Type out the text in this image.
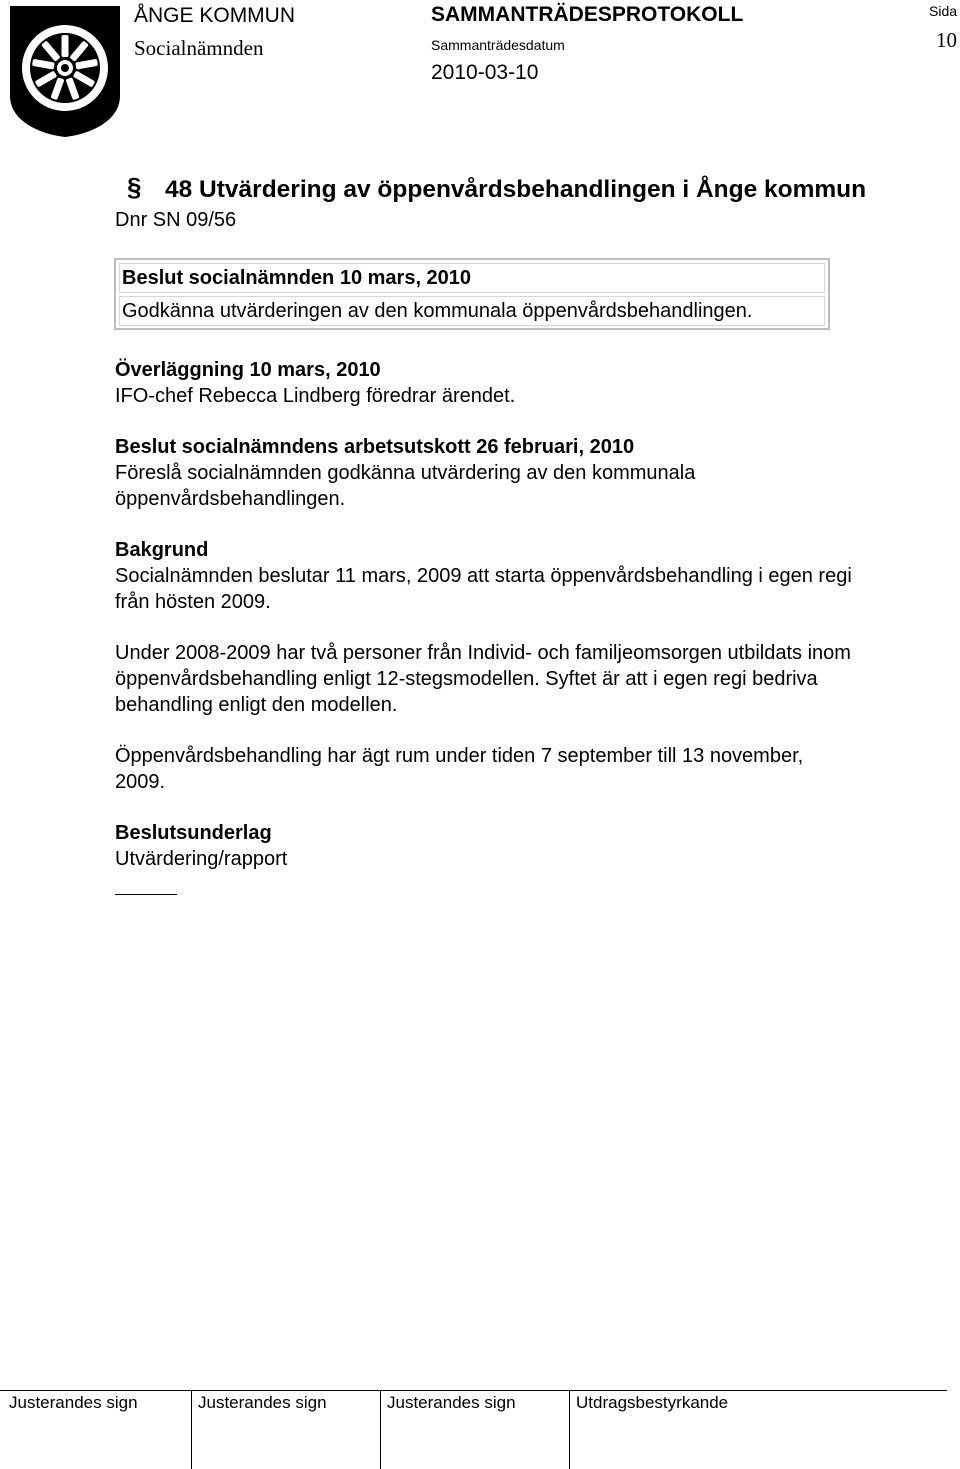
ÅNGE KOMMUN
Socialnämnden
SAMMANTRÄDESPROTOKOLL
Sammanträdesdatum
2010-03-10
Sida
10
§ 48 Utvärdering av öppenvårdsbehandlingen i Ånge kommun
Dnr SN 09/56
Beslut socialnämnden 10 mars, 2010
Godkänna utvärderingen av den kommunala öppenvårdsbehandlingen.
Överläggning 10 mars, 2010
IFO-chef Rebecca Lindberg föredrar ärendet.
Beslut socialnämndens arbetsutskott 26 februari, 2010
Föreslå socialnämnden godkänna utvärdering av den kommunala
öppenvårdsbehandlingen.
Bakgrund
Socialnämnden beslutar 11 mars, 2009 att starta öppenvårdsbehandling i egen regi
från hösten 2009.
Under 2008-2009 har två personer från Individ- och familjeomsorgen utbildats inom
öppenvårdsbehandling enligt 12-stegsmodellen. Syftet är att i egen regi bedriva
behandling enligt den modellen.
Öppenvårdsbehandling har ägt rum under tiden 7 september till 13 november,
2009.
Beslutsunderlag
Utvärdering/rapport
Justerandes sign	Justerandes sign	Justerandes sign	Utdragsbestyrkande
